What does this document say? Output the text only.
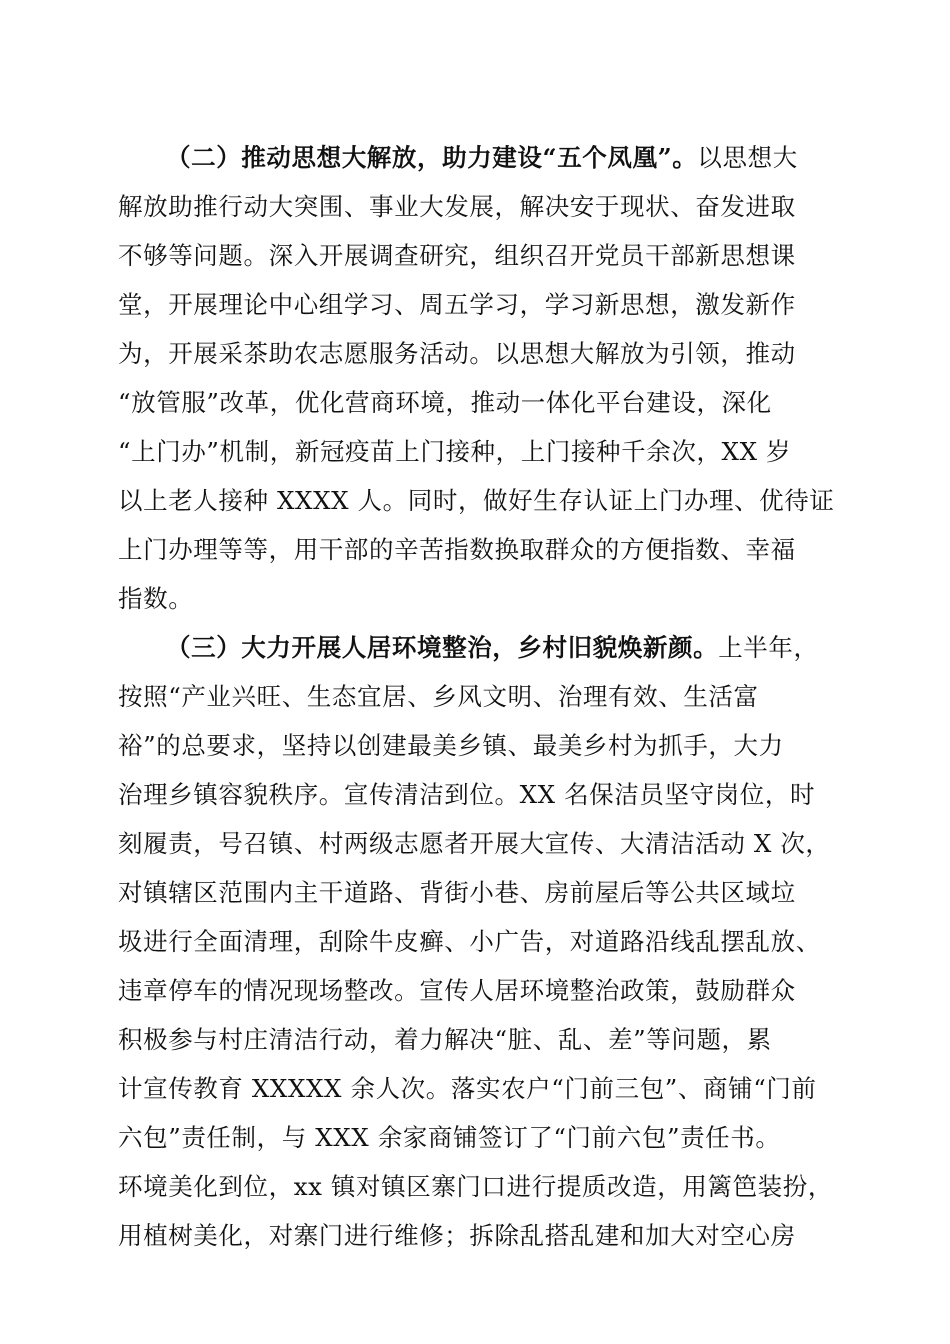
（二）推动思想大解放，助力建设“五个凤凰”。以思想大
解放助推行动大突围、事业大发展，解决安于现状、奋发进取
不够等问题。深入开展调查研究，组织召开党员干部新思想课
堂，开展理论中心组学习、周五学习，学习新思想，激发新作
为，开展采茶助农志愿服务活动。以思想大解放为引领，推动
“放管服”改革，优化营商环境，推动一体化平台建设，深化
“上门办”机制，新冠疫苗上门接种，上门接种千余次，XX 岁
以上老人接种 XXXX 人。同时，做好生存认证上门办理、优待证
上门办理等等，用干部的辛苦指数换取群众的方便指数、幸福
指数。
（三）大力开展人居环境整治，乡村旧貌焕新颜。上半年，
按照“产业兴旺、生态宜居、乡风文明、治理有效、生活富
裕”的总要求，坚持以创建最美乡镇、最美乡村为抓手，大力
治理乡镇容貌秩序。宣传清洁到位。XX 名保洁员坚守岗位，时
刻履责，号召镇、村两级志愿者开展大宣传、大清洁活动 X 次，
对镇辖区范围内主干道路、背街小巷、房前屋后等公共区域垃
圾进行全面清理，刮除牛皮癣、小广告，对道路沿线乱摆乱放、
违章停车的情况现场整改。宣传人居环境整治政策，鼓励群众
积极参与村庄清洁行动，着力解决“脏、乱、差”等问题，累
计宣传教育 XXXXX 余人次。落实农户“门前三包”、商铺“门前
六包”责任制，与 XXX 余家商铺签订了“门前六包”责任书。
环境美化到位，xx 镇对镇区寨门口进行提质改造，用篱笆装扮，
用植树美化，对寨门进行维修；拆除乱搭乱建和加大对空心房
